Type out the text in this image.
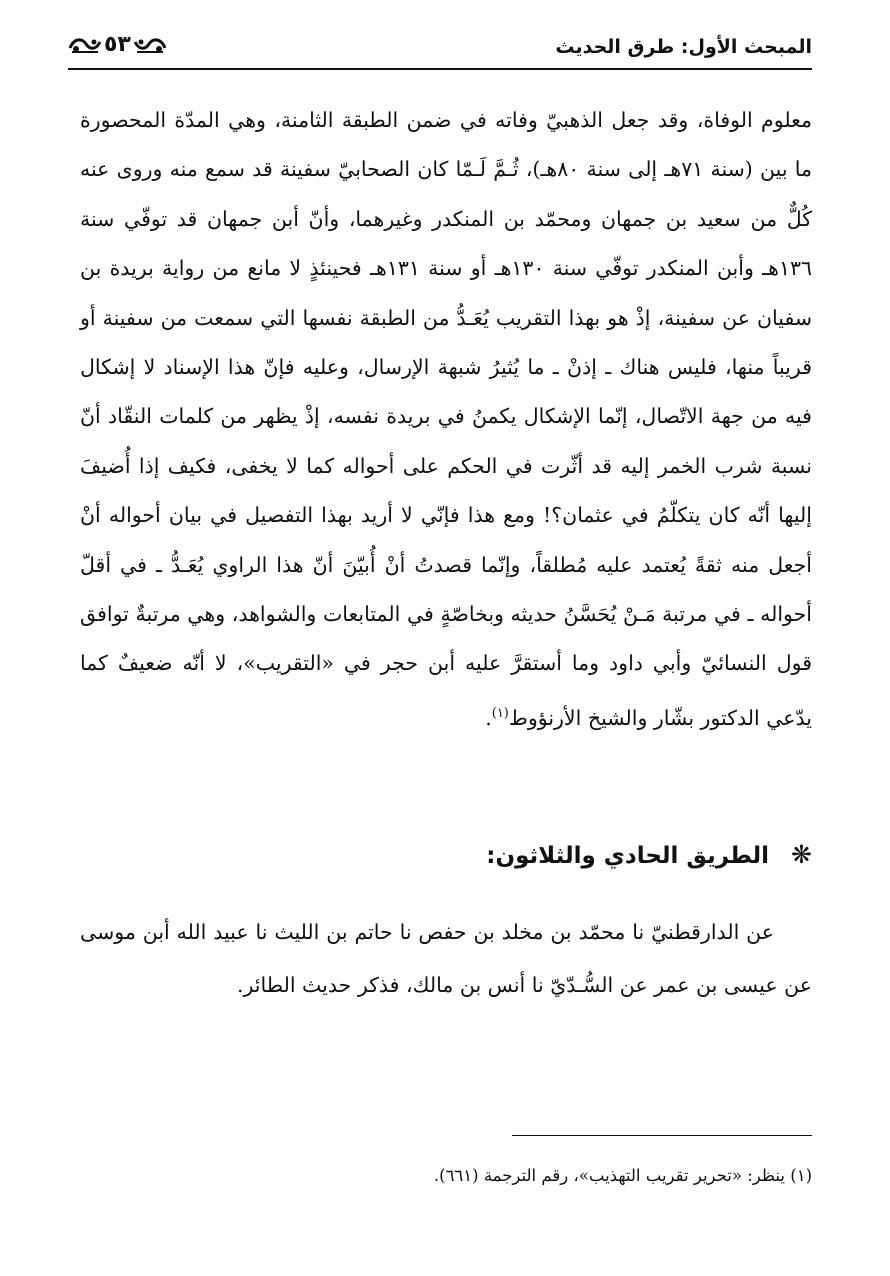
المبحث الأول: طرق الحديث
٥٣

معلوم الوفاة، وقد جعل الذهبيّ وفاته في ضمن الطبقة الثامنة، وهي المدّة المحصورة ما بين (سنة ٧١هـ إلى سنة ٨٠هـ)، ثُـمَّ لَـمّا كان الصحابيّ سفينة قد سمع منه وروى عنه كُلٌّ من سعيد بن جمهان ومحمّد بن المنكدر وغيرهما، وأنّ أبن جمهان قد توفّي سنة ١٣٦هـ وأبن المنكدر توفّي سنة ١٣٠هـ أو سنة ١٣١هـ فحينئذٍ لا مانع من رواية بريدة بن سفيان عن سفينة، إذْ هو بهذا التقريب يُعَـدُّ من الطبقة نفسها التي سمعت من سفينة أو قريباً منها، فليس هناك ـ إذنْ ـ ما يُثيرُ شبهة الإرسال، وعليه فإنّ هذا الإسناد لا إشكال فيه من جهة الاتّصال، إنّما الإشكال يكمنُ في بريدة نفسه، إذْ يظهر من كلمات النقّاد أنّ نسبة شرب الخمر إليه قد أثّرت في الحكم على أحواله كما لا يخفى، فكيف إذا أُضيفَ إليها أنّه كان يتكلّمُ في عثمان؟! ومع هذا فإنّي لا أريد بهذا التفصيل في بيان أحواله أنْ أجعل منه ثقةً يُعتمد عليه مُطلقاً، وإنّما قصدتُ أنْ أُبيّنَ أنّ هذا الراوي يُعَـدُّ ـ في أقلّ أحواله ـ في مرتبة مَـنْ يُحَسَّنُ حديثه وبخاصّةٍ في المتابعات والشواهد، وهي مرتبةٌ توافق قول النسائيّ وأبي داود وما أستقرَّ عليه أبن حجر في «التقريب»، لا أنّه ضعيفٌ كما يدّعي الدكتور بشّار والشيخ الأرنؤوط$^{(١)}$.

❋الطريق الحادي والثلاثون:

عن الدارقطنيّ نا محمّد بن مخلد بن حفص نا حاتم بن الليث نا عبيد الله أبن موسى عن عيسى بن عمر عن السُّـدّيّ نا أنس بن مالك، فذكر حديث الطائر.

(١) ينظر: «تحرير تقريب التهذيب»، رقم الترجمة (٦٦١).
